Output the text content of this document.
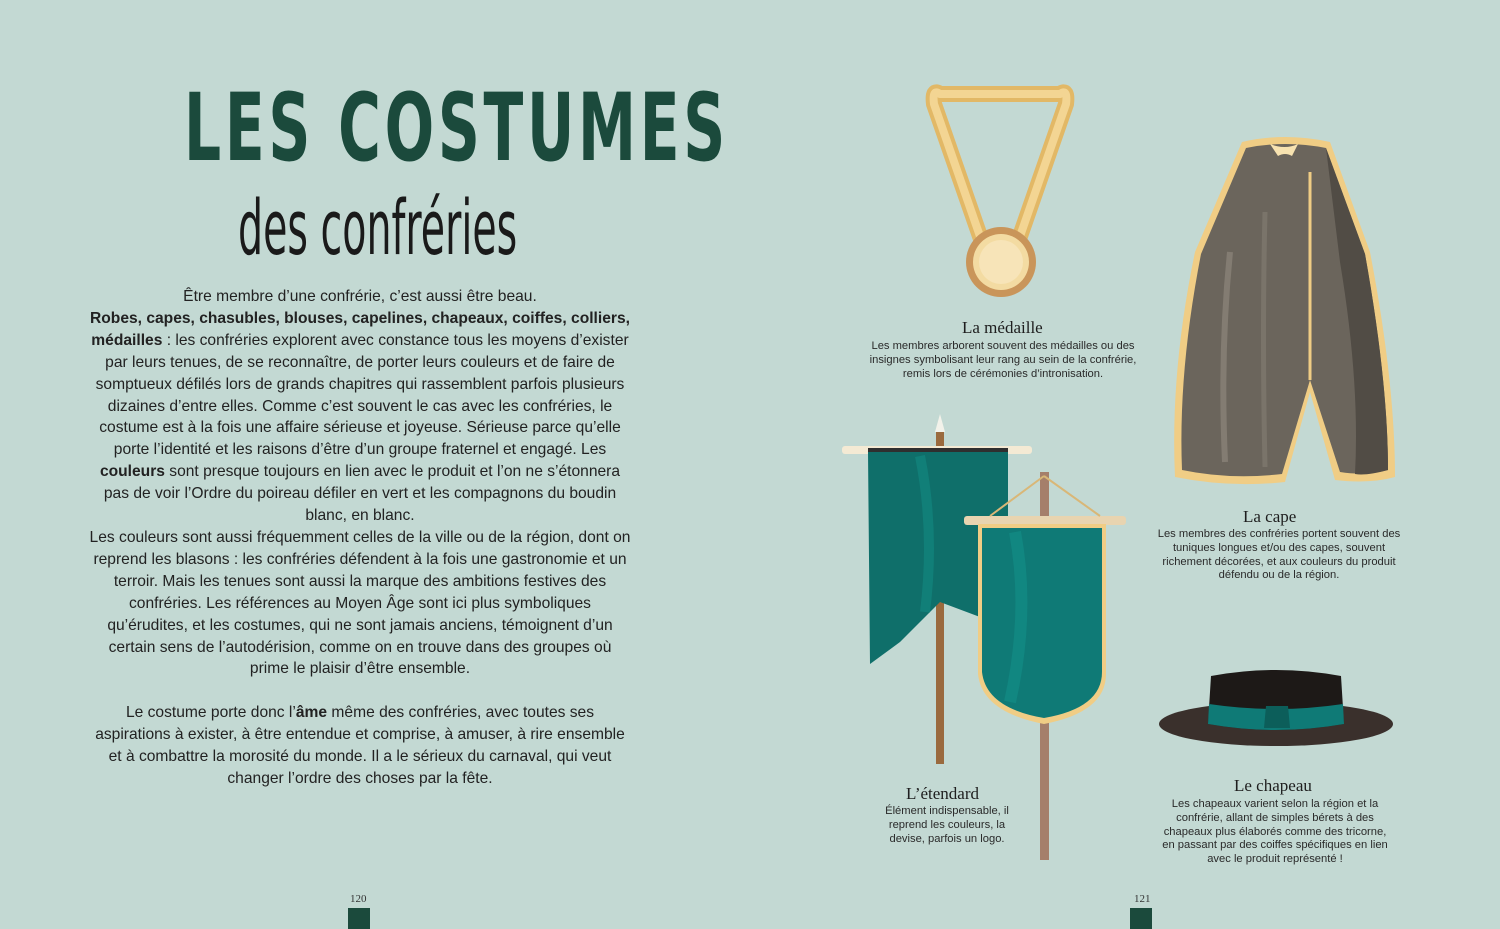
LES COSTUMES
des confréries

Être membre d’une confrérie, c’est aussi être beau.
Robes, capes, chasubles, blouses, capelines, chapeaux, coiffes, colliers, médailles : les confréries explorent avec constance tous les moyens d’exister par leurs tenues, de se reconnaître, de porter leurs couleurs et de faire de somptueux défilés lors de grands chapitres qui rassemblent parfois plusieurs dizaines d’entre elles. Comme c’est souvent le cas avec les confréries, le costume est à la fois une affaire sérieuse et joyeuse. Sérieuse parce qu’elle porte l’identité et les raisons d’être d’un groupe fraternel et engagé. Les couleurs sont presque toujours en lien avec le produit et l’on ne s’étonnera pas de voir l’Ordre du poireau défiler en vert et les compagnons du boudin blanc, en blanc.

Les couleurs sont aussi fréquemment celles de la ville ou de la région, dont on reprend les blasons : les confréries défendent à la fois une gastronomie et un terroir. Mais les tenues sont aussi la marque des ambitions festives des confréries. Les références au Moyen Âge sont ici plus symboliques qu’érudites, et les costumes, qui ne sont jamais anciens, témoignent d’un certain sens de l’autodérision, comme on en trouve dans des groupes où prime le plaisir d’être ensemble.

Le costume porte donc l’âme même des confréries, avec toutes ses aspirations à exister, à être entendue et comprise, à amuser, à rire ensemble et à combattre la morosité du monde. Il a le sérieux du carnaval, qui veut changer l’ordre des choses par la fête.

120
La médaille
Les membres arborent souvent des médailles ou des insignes symbolisant leur rang au sein de la confrérie, remis lors de cérémonies d’intronisation.
La cape
Les membres des confréries portent souvent des tuniques longues et/ou des capes, souvent richement décorées, et aux couleurs du produit défendu ou de la région.
L’étendard
Élément indispensable, il reprend les couleurs, la devise, parfois un logo.
Le chapeau
Les chapeaux varient selon la région et la confrérie, allant de simples bérets à des chapeaux plus élaborés comme des tricorne, en passant par des coiffes spécifiques en lien avec le produit représenté !
121
